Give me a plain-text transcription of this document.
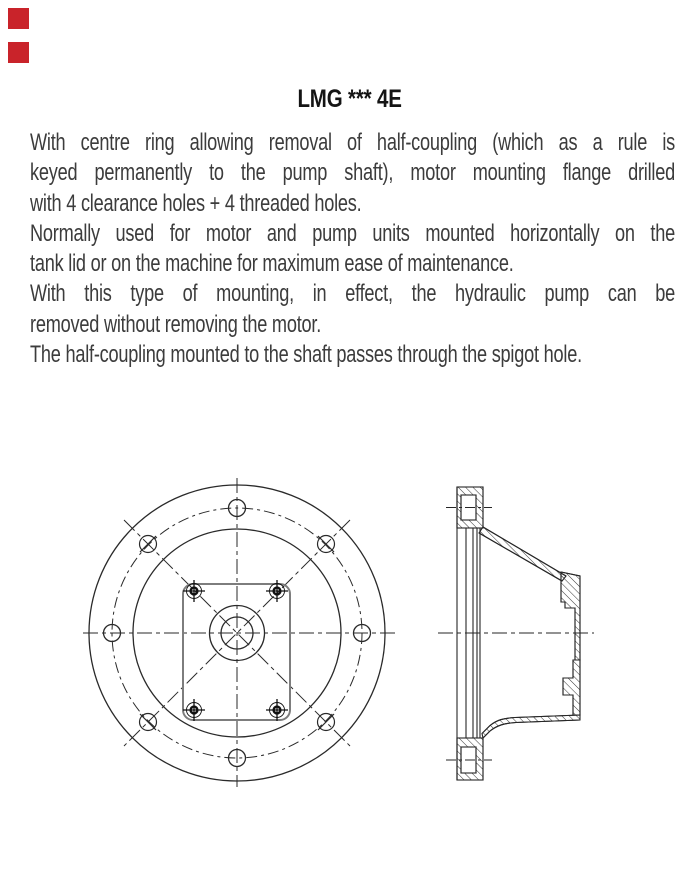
LMG *** 4E
With centre ring allowing removal of half-coupling (which as a rule is
keyed permanently to the pump shaft), motor mounting flange drilled
with 4 clearance holes + 4 threaded holes.
Normally used for motor and pump units mounted horizontally on the
tank lid or on the machine for maximum ease of maintenance.
With this type of mounting, in effect, the hydraulic pump can be
removed without removing the motor.
The half-coupling mounted to the shaft passes through the spigot hole.
